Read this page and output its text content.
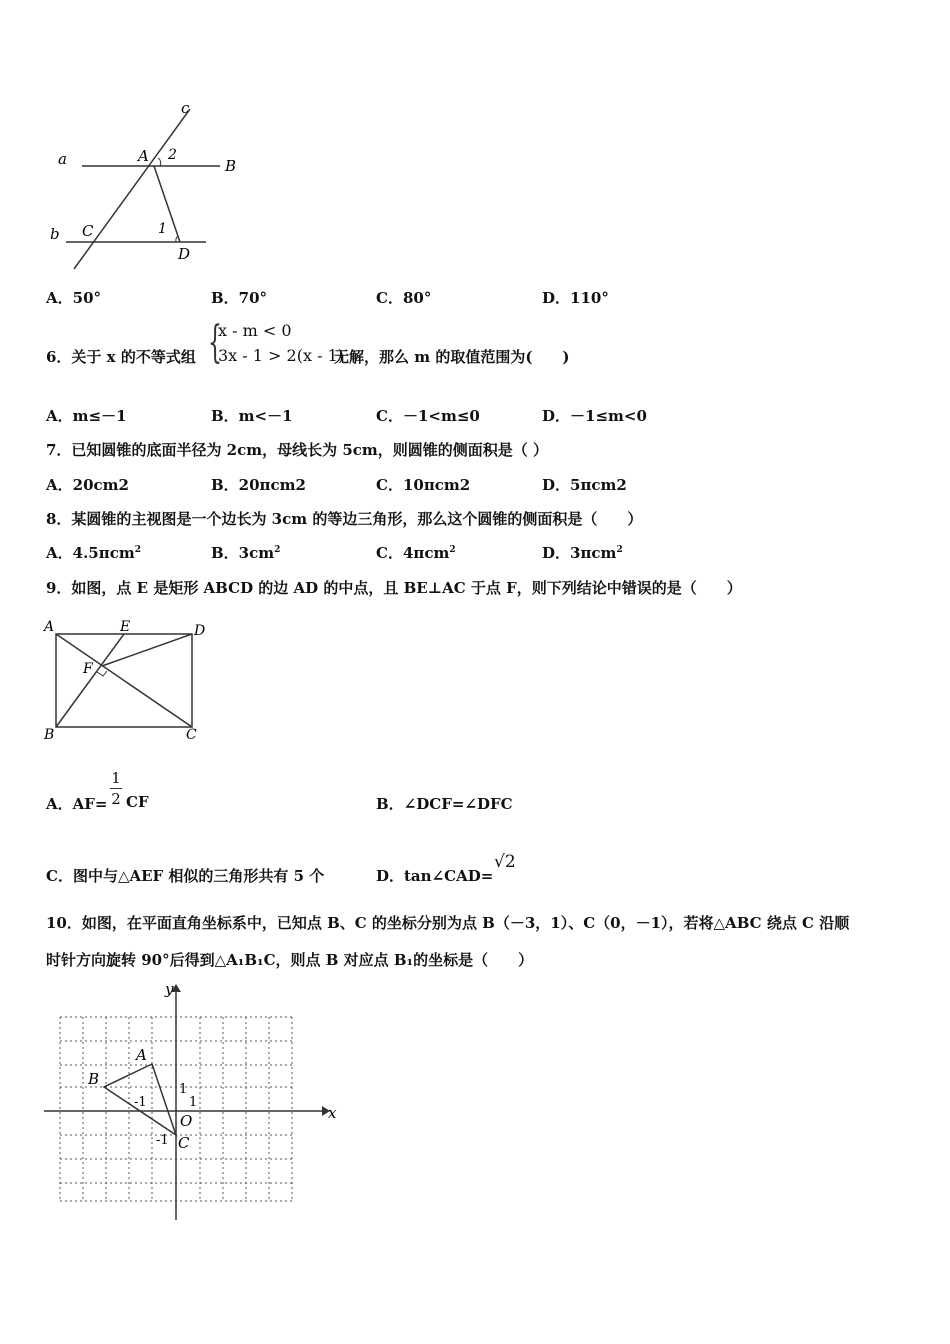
c
a	A 2
B
b C	1
D
A．50°	B．70°	C．80°	D．110°
6．关于 x 的不等式组 {
x - m < 0
3x - 1 > 2(x - 1)
无解，那么 m 的取值范围为(　　)
A．m≤－1	B．m<－1	C．－1<m≤0	D．－1≤m<0
7．已知圆锥的底面半径为 2cm，母线长为 5cm，则圆锥的侧面积是（ ）
A．20cm2	B．20πcm2	C．10πcm2	D．5πcm2
8．某圆锥的主视图是一个边长为 3cm 的等边三角形，那么这个圆锥的侧面积是（　　）
A．4.5πcm$^2$	B．$3cm^2$	C．4πcm$^2$	D．3πcm$^2$
9．如图，点 E 是矩形 ABCD 的边 AD 的中点，且 BE⊥AC 于点 F，则下列结论中错误的是（　　）
A	E	D
F
B	C
A．AF=
1
2 CF	B．∠DCF=∠DFC
C．图中与△AEF 相似的三角形共有 5 个	D．tan∠CAD=
√2
10．如图，在平面直角坐标系中，已知点 B、C 的坐标分别为点 B（－3，1）、C（0，－1），若将△ABC 绕点 C 沿顺
时针方向旋转 90°后得到△A₁B₁C，则点 B 对应点 B₁的坐标是（　　）
y
x
A
B
O
C
1
-1	1
-1
